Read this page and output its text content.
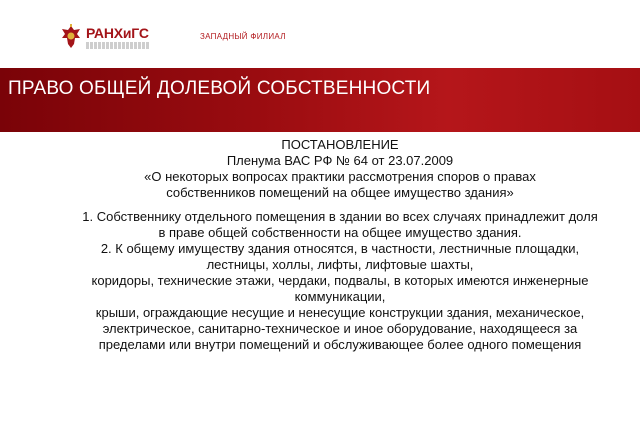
РАНХиГС	ЗАПАДНЫЙ ФИЛИАЛ
ПРАВО ОБЩЕЙ ДОЛЕВОЙ СОБСТВЕННОСТИ

ПОСТАНОВЛЕНИЕ

Пленума ВАС РФ № 64 от 23.07.2009

«О некоторых вопросах практики рассмотрения споров о правах

собственников помещений на общее имущество здания»

1. Собственнику отдельного помещения в здании во всех случаях принадлежит доля в праве общей собственности на общее имущество здания.

2. К общему имуществу здания относятся, в частности, лестничные площадки, лестницы, холлы, лифты, лифтовые шахты,

коридоры, технические этажи, чердаки, подвалы, в которых имеются инженерные коммуникации,

крыши, ограждающие несущие и ненесущие конструкции здания, механическое, электрическое, санитарно-техническое и иное оборудование, находящееся за пределами или внутри помещений и обслуживающее более одного помещения
